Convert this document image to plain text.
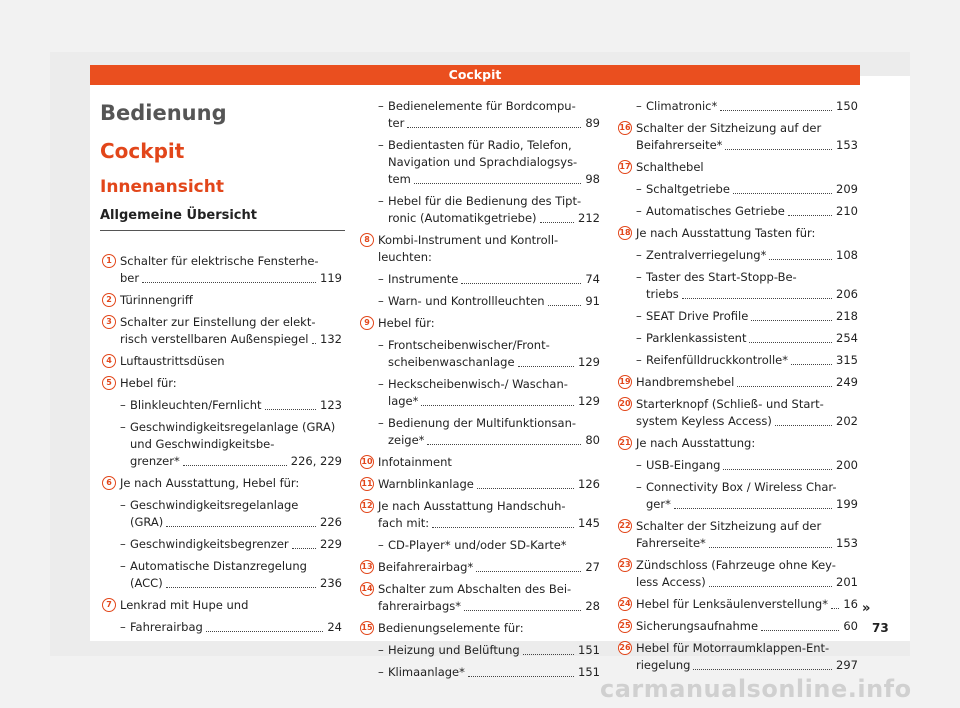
Cockpit
Bedienung
Cockpit
Innenansicht
Allgemeine Übersicht
1 Schalter für elektrische Fensterhe-
ber	119
2 Türinnengriff
3 Schalter zur Einstellung der elekt-
risch verstellbaren Außenspiegel 132
4 Luftaustrittsdüsen
5 Hebel für:
– Blinkleuchten/Fernlicht	123
– Geschwindigkeitsregelanlage (GRA) und Geschwindigkeitsbe-
grenzer*	226, 229
6 Je nach Ausstattung, Hebel für:
– Geschwindigkeitsregelanlage
(GRA)	226
– Geschwindigkeitsbegrenzer	229
– Automatische Distanzregelung
(ACC)	236
7 Lenkrad mit Hupe und
– Fahrerairbag	24
– Bedienelemente für Bordcompu-
ter	89
– Bedientasten für Radio, Telefon, Navigation und Sprachdialogsys-
tem	98
– Hebel für die Bedienung des Tipt-
ronic (Automatikgetriebe)	212
8 Kombi-Instrument und Kontroll-
leuchten:
– Instrumente	74
– Warn- und Kontrollleuchten	91
9 Hebel für:
– Frontscheibenwischer/Front-
scheibenwaschanlage	129
– Heckscheibenwisch-/ Waschan-
lage*	129
– Bedienung der Multifunktionsan-
zeige*	80
10 Infotainment
11 Warnblinkanlage	126
12 Je nach Ausstattung Handschuh-
fach mit:	145
– CD-Player* und/oder SD-Karte*
13 Beifahrerairbag*	27
14 Schalter zum Abschalten des Bei-
fahrerairbags*	28
15 Bedienungselemente für:
– Heizung und Belüftung	151
– Klimaanlage*	151
– Climatronic*	150
16 Schalter der Sitzheizung auf der
Beifahrerseite*	153
17 Schalthebel
– Schaltgetriebe	209
– Automatisches Getriebe	210
18 Je nach Ausstattung Tasten für:
– Zentralverriegelung*	108
– Taster des Start-Stopp-Be-
triebs	206
– SEAT Drive Profile	218
– Parklenkassistent	254
– Reifenfülldruckkontrolle*	315
19 Handbremshebel	249
20 Starterknopf (Schließ- und Start-
system Keyless Access)	202
21 Je nach Ausstattung:
– USB-Eingang	200
– Connectivity Box / Wireless Char-
ger*	199
22 Schalter der Sitzheizung auf der
Fahrerseite*	153
23 Zündschloss (Fahrzeuge ohne Key-
less Access)	201
24 Hebel für Lenksäulenverstellung* 16
25 Sicherungsaufnahme	60
26 Hebel für Motorraumklappen-Ent-
riegelung	297
»
73
carmanualsonline.info
